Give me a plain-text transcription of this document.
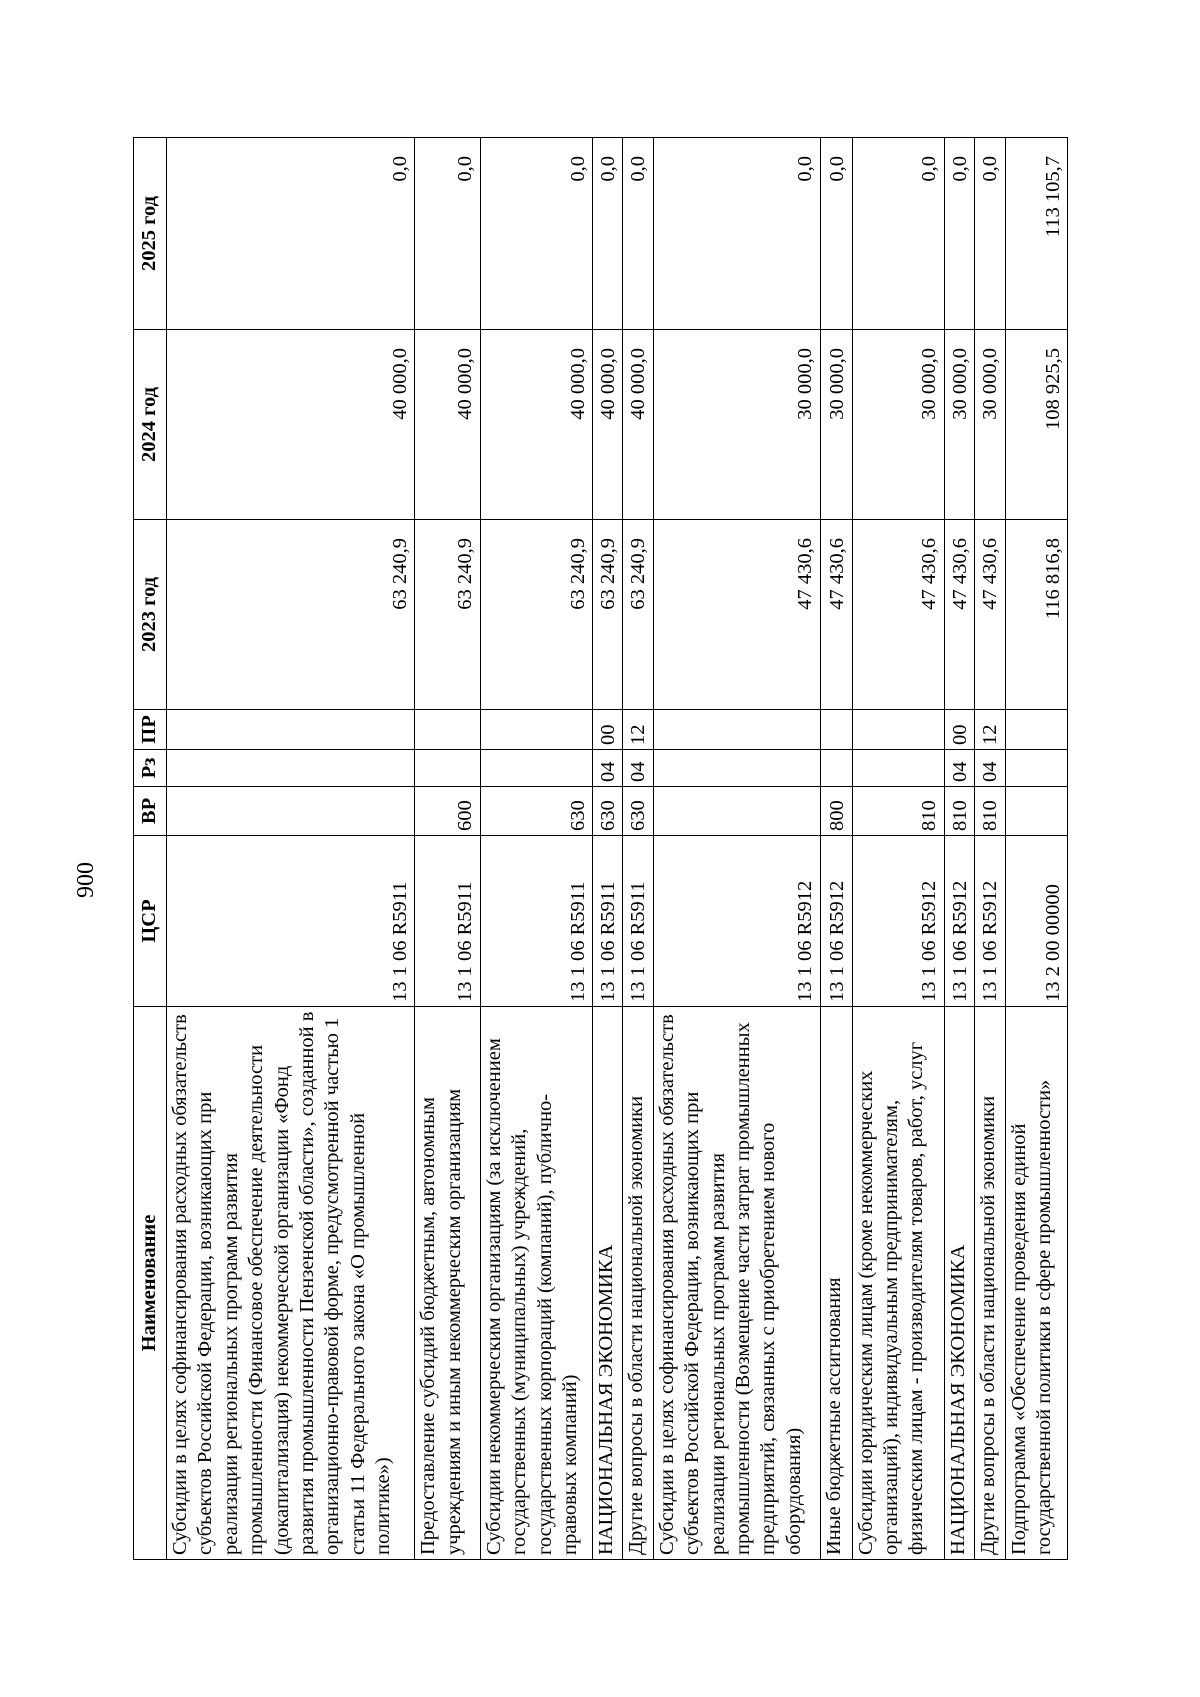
900
Наименование	ЦСР	ВР	Рз	ПР	2023 год	2024 год	2025 год
Субсидии в целях софинансирования расходных обязательств субъектов Российской Федерации, возникающих при реализации региональных программ развития промышленности (Финансовое обеспечение деятельности (докапитализация) некоммерческой организации «Фонд развития промышленности Пензенской области», созданной в организационно-правовой форме, предусмотренной частью 1 статьи 11 Федерального закона «О промышленной политике»)	13 1 06 R5911				63 240,9	40 000,0	0,0
Предоставление субсидий бюджетным, автономным учреждениям и иным некоммерческим организациям	13 1 06 R5911	600			63 240,9	40 000,0	0,0
Субсидии некоммерческим организациям (за исключением государственных (муниципальных) учреждений, государственных корпораций (компаний), публично-правовых компаний)	13 1 06 R5911	630			63 240,9	40 000,0	0,0
НАЦИОНАЛЬНАЯ ЭКОНОМИКА	13 1 06 R5911	630	04	00	63 240,9	40 000,0	0,0
Другие вопросы в области национальной экономики	13 1 06 R5911	630	04	12	63 240,9	40 000,0	0,0
Субсидии в целях софинансирования расходных обязательств субъектов Российской Федерации, возникающих при реализации региональных программ развития промышленности (Возмещение части затрат промышленных предприятий, связанных с приобретением нового оборудования)	13 1 06 R5912				47 430,6	30 000,0	0,0
Иные бюджетные ассигнования	13 1 06 R5912	800			47 430,6	30 000,0	0,0
Субсидии юридическим лицам (кроме некоммерческих организаций), индивидуальным предпринимателям, физическим лицам - производителям товаров, работ, услуг	13 1 06 R5912	810			47 430,6	30 000,0	0,0
НАЦИОНАЛЬНАЯ ЭКОНОМИКА	13 1 06 R5912	810	04	00	47 430,6	30 000,0	0,0
Другие вопросы в области национальной экономики	13 1 06 R5912	810	04	12	47 430,6	30 000,0	0,0
Подпрограмма «Обеспечение проведения единой государственной политики в сфере промышленности»	13 2 00 00000				116 816,8	108 925,5	113 105,7
